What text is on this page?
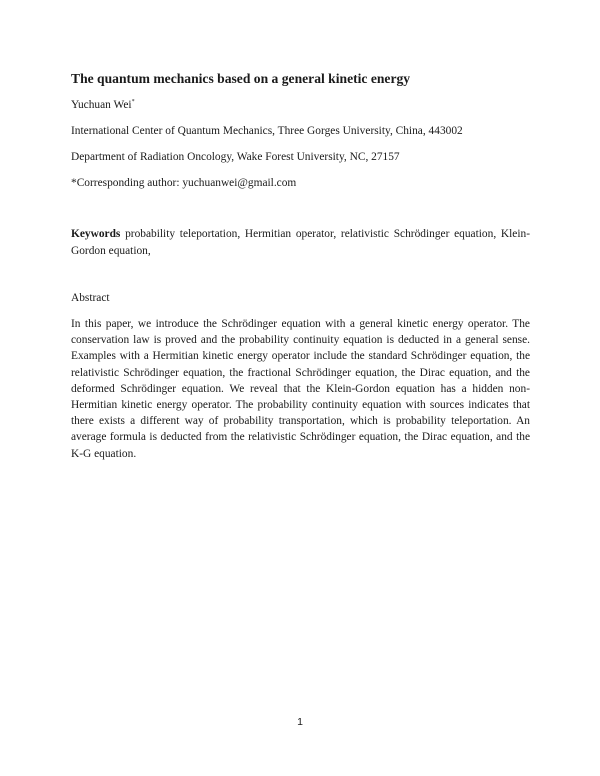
The quantum mechanics based on a general kinetic energy
Yuchuan Wei*
International Center of Quantum Mechanics, Three Gorges University, China, 443002
Department of Radiation Oncology, Wake Forest University, NC, 27157
*Corresponding author: yuchuanwei@gmail.com
Keywords probability teleportation, Hermitian operator, relativistic Schrödinger equation, Klein-Gordon equation,
Abstract
In this paper, we introduce the Schrödinger equation with a general kinetic energy operator. The conservation law is proved and the probability continuity equation is deducted in a general sense. Examples with a Hermitian kinetic energy operator include the standard Schrödinger equation, the relativistic Schrödinger equation, the fractional Schrödinger equation, the Dirac equation, and the deformed Schrödinger equation. We reveal that the Klein-Gordon equation has a hidden non-Hermitian kinetic energy operator. The probability continuity equation with sources indicates that there exists a different way of probability transportation, which is probability teleportation. An average formula is deducted from the relativistic Schrödinger equation, the Dirac equation, and the K-G equation.
1
